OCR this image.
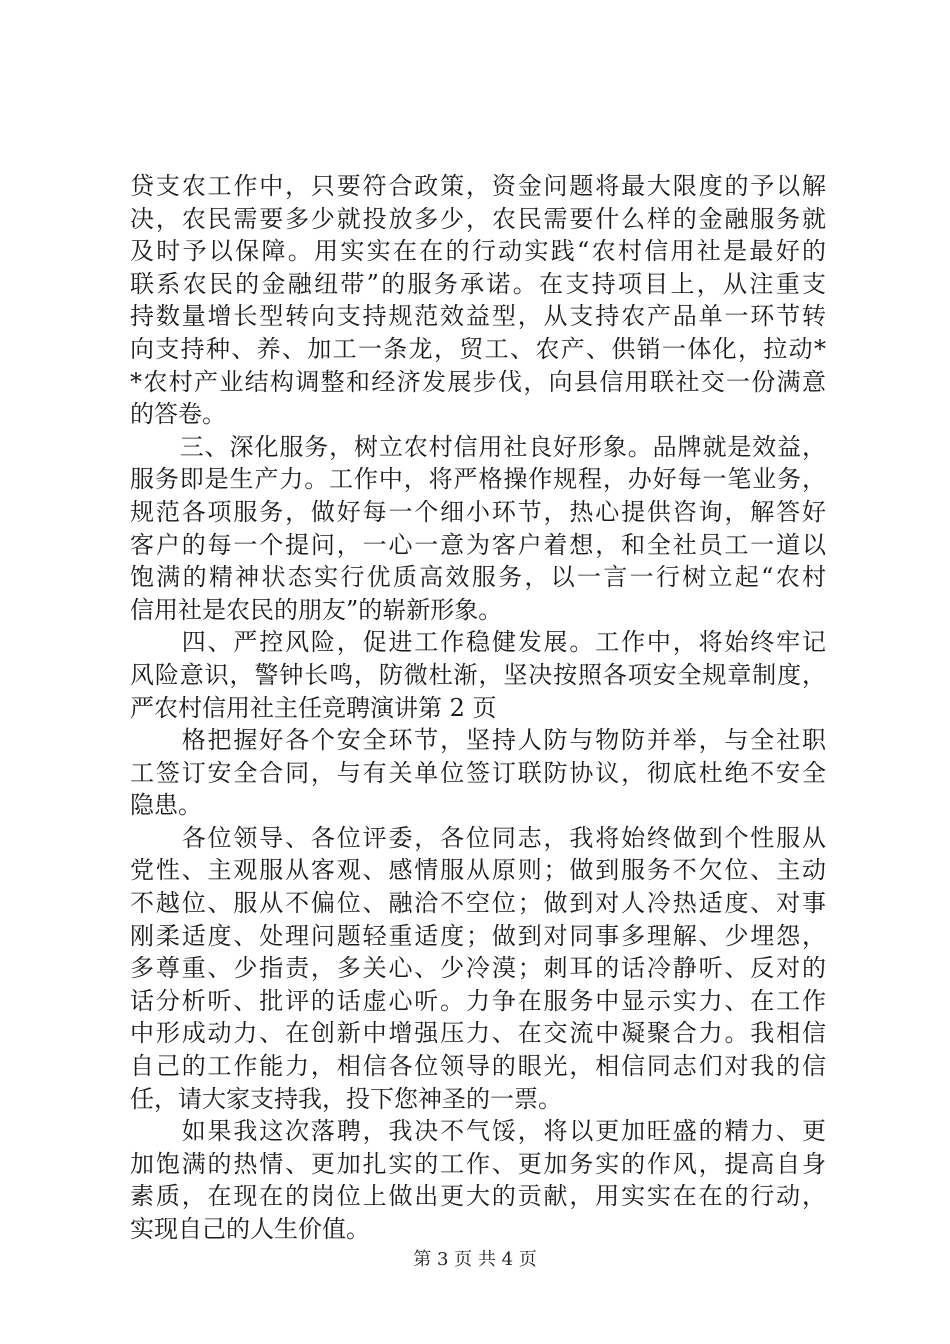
贷支农工作中，只要符合政策，资金问题将最大限度的予以解
决，农民需要多少就投放多少，农民需要什么样的金融服务就
及时予以保障。用实实在在的行动实践“农村信用社是最好的
联系农民的金融纽带”的服务承诺。在支持项目上，从注重支
持数量增长型转向支持规范效益型，从支持农产品单一环节转
向支持种、养、加工一条龙，贸工、农产、供销一体化，拉动*
*农村产业结构调整和经济发展步伐，向县信用联社交一份满意
的答卷。
　　三、深化服务，树立农村信用社良好形象。品牌就是效益，
服务即是生产力。工作中，将严格操作规程，办好每一笔业务，
规范各项服务，做好每一个细小环节，热心提供咨询，解答好
客户的每一个提问，一心一意为客户着想，和全社员工一道以
饱满的精神状态实行优质高效服务，以一言一行树立起“农村
信用社是农民的朋友”的崭新形象。
　　四、严控风险，促进工作稳健发展。工作中，将始终牢记
风险意识，警钟长鸣，防微杜渐，坚决按照各项安全规章制度，
严农村信用社主任竞聘演讲第 2 页
　　格把握好各个安全环节，坚持人防与物防并举，与全社职
工签订安全合同，与有关单位签订联防协议，彻底杜绝不安全
隐患。
　　各位领导、各位评委，各位同志，我将始终做到个性服从
党性、主观服从客观、感情服从原则；做到服务不欠位、主动
不越位、服从不偏位、融洽不空位；做到对人冷热适度、对事
刚柔适度、处理问题轻重适度；做到对同事多理解、少埋怨，
多尊重、少指责，多关心、少冷漠；刺耳的话冷静听、反对的
话分析听、批评的话虚心听。力争在服务中显示实力、在工作
中形成动力、在创新中增强压力、在交流中凝聚合力。我相信
自己的工作能力，相信各位领导的眼光，相信同志们对我的信
任，请大家支持我，投下您神圣的一票。
　　如果我这次落聘，我决不气馁，将以更加旺盛的精力、更
加饱满的热情、更加扎实的工作、更加务实的作风，提高自身
素质，在现在的岗位上做出更大的贡献，用实实在在的行动，
实现自己的人生价值。
第 3 页 共 4 页
